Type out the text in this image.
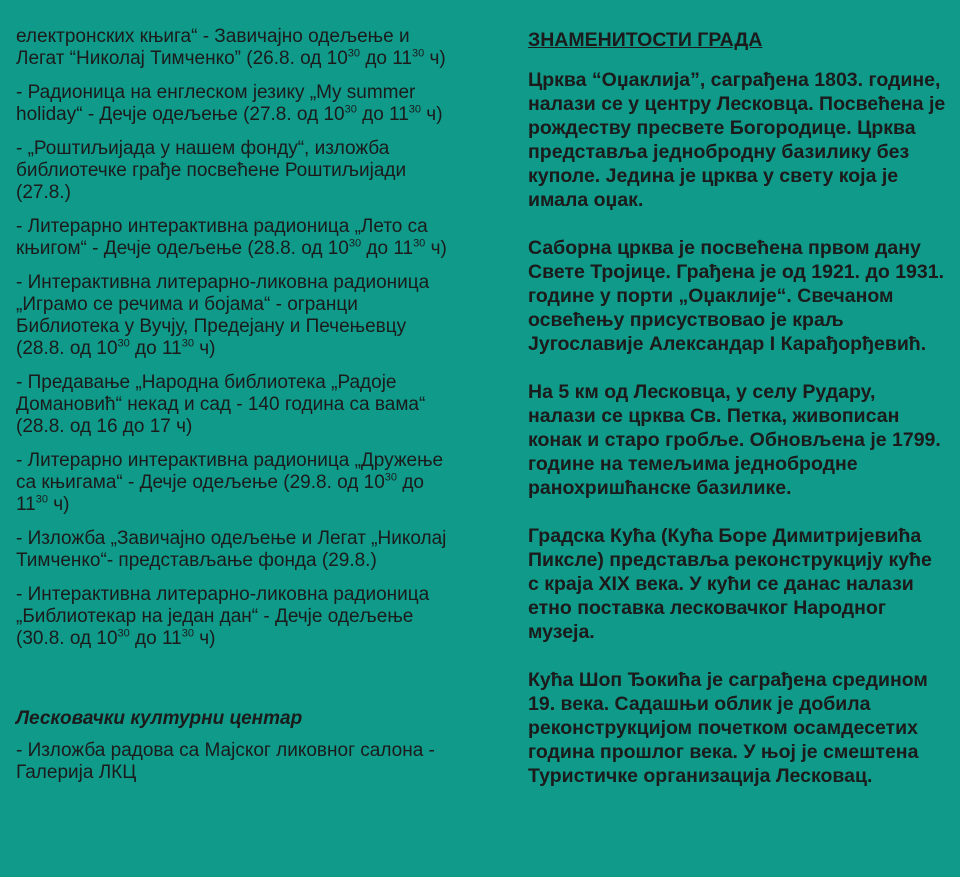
електронских књига“ - Завичајно одељење и Легат “Николај Тимченко” (26.8. од $10^{30}$ до $11^{30}$ ч)
- Радионица на енглеском језику „My summer holiday“ - Дечје одељење (27.8. од $10^{30}$ до $11^{30}$ ч)
- „Роштиљијада у нашем фонду“, изложба библиотечке грађе посвећене Роштиљијади (27.8.)
- Литерарно интерактивна радионица „Лето са књигом“ - Дечје одељење (28.8. од $10^{30}$ до $11^{30}$ ч)
- Интерактивна литерарно-ликовна радионица „Играмо се речима и бојама“ - огранци Библиотека у Вучју, Предејану и Печењевцу (28.8. од $10^{30}$ до $11^{30}$ ч)
- Предавање „Народна библиотека „Радоје Домановић“ некад и сад - 140 година са вама“ (28.8. од 16 до 17 ч)
- Литерарно интерактивна радионица „Дружење са књигама“ - Дечје одељење (29.8. од $10^{30}$ до $11^{30}$ ч)
- Изложба „Завичајно одељење и Легат „Николај Тимченко“- представљање фонда (29.8.)
- Интерактивна литерарно-ликовна радионица „Библиотекар на један дан“ - Дечје одељење (30.8. од $10^{30}$ до $11^{30}$ ч)
Лесковачки културни центар
- Изложба радова са Мајског ликовног салона - Галерија ЛКЦ
ЗНАМЕНИТОСТИ ГРАДА
Црква “Оџаклија”, саграђена 1803. године, налази се у центру Лесковца. Посвећена је рождеству пресвете Богородице. Црква представља једнобродну базилику без куполе. Једина је црква у свету која је имала оџак.
Саборна црква је посвећена првом дану Свете Тројице. Грађена је од 1921. до 1931. године у порти „Оџаклије“. Свечаном освећењу присуствовао је краљ Југославије Александар I Карађорђевић.
На 5 км од Лесковца, у селу Рудару, налази се црква Св. Петка, живописан конак и старо гробље. Обновљена је 1799. године на темељима једнобродне ранохришћанске базилике.
Градска Кућа (Кућа Боре Димитријевића Пиксле) представља реконструкцију куће с краја XIX века. У кући се данас налази етно поставка лесковачког Народног музеја.
Кућа Шоп Ђокића је саграђена средином 19. века. Садашњи облик је добила реконструкцијом почетком осамдесетих година прошлог века. У њој је смештена Туристичке организација Лесковац.
